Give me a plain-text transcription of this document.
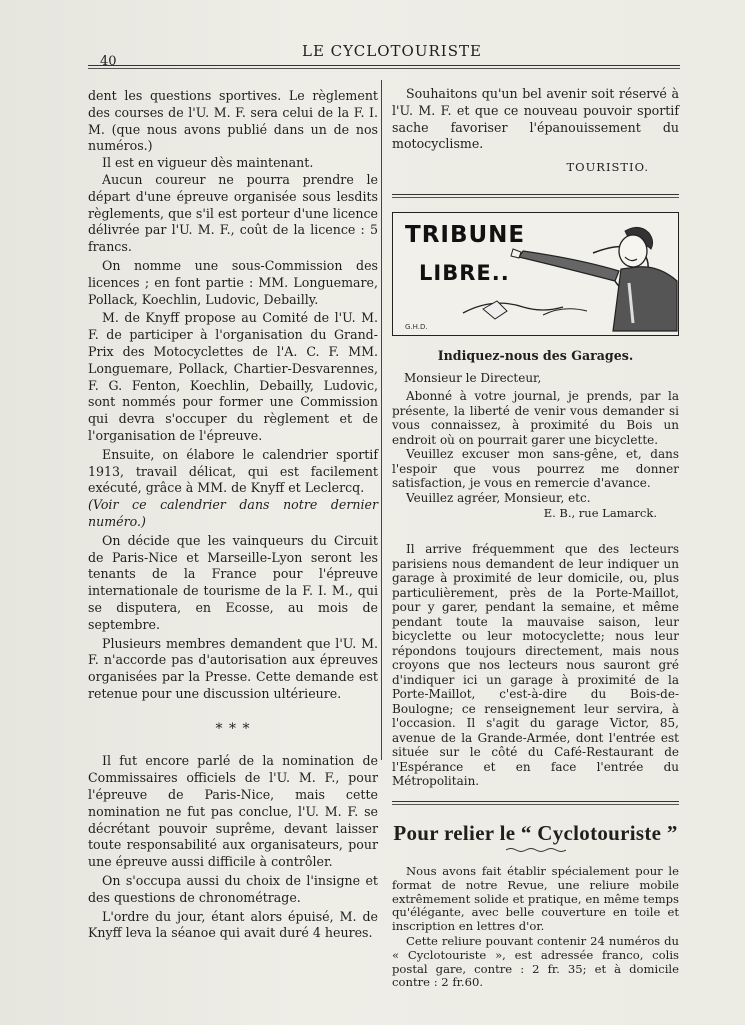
40
LE CYCLOTOURISTE

dent les questions sportives. Le règlement des courses de l'U. M. F. sera celui de la F. I. M. (que nous avons publié dans un de nos numéros.)

Il est en vigueur dès maintenant.

Aucun coureur ne pourra prendre le départ d'une épreuve organisée sous lesdits règlements, que s'il est porteur d'une licence délivrée par l'U. M. F., coût de la licence : 5 francs.

On nomme une sous-Commission des licences ; en font partie : MM. Longuemare, Pollack, Koechlin, Ludovic, Debailly.

M. de Knyff propose au Comité de l'U. M. F. de participer à l'organisation du Grand-Prix des Motocyclettes de l'A. C. F. MM. Longuemare, Pollack, Chartier-Desvarennes, F. G. Fenton, Koechlin, Debailly, Ludovic, sont nommés pour former une Commission qui devra s'occuper du règlement et de l'organisation de l'épreuve.

Ensuite, on élabore le calendrier sportif 1913, travail délicat, qui est facilement exécuté, grâce à MM. de Knyff et Leclercq.

(Voir ce calendrier dans notre dernier numéro.)

On décide que les vainqueurs du Circuit de Paris-Nice et Marseille-Lyon seront les tenants de la France pour l'épreuve internationale de tourisme de la F. I. M., qui se disputera, en Ecosse, au mois de septembre.

Plusieurs membres demandent que l'U. M. F. n'accorde pas d'autorisation aux épreuves organisées par la Presse. Cette demande est retenue pour une discussion ultérieure.

* * *

Il fut encore parlé de la nomination de Commissaires officiels de l'U. M. F., pour l'épreuve de Paris-Nice, mais cette nomination ne fut pas conclue, l'U. M. F. se décrétant pouvoir suprême, devant laisser toute responsabilité aux organisateurs, pour une épreuve aussi difficile à contrôler.

On s'occupa aussi du choix de l'insigne et des questions de chronométrage.

L'ordre du jour, étant alors épuisé, M. de Knyff leva la séanoe qui avait duré 4 heures.

Souhaitons qu'un bel avenir soit réservé à l'U. M. F. et que ce nouveau pouvoir sportif sache favoriser l'épanouissement du motocyclisme.

TOURISTIO.
G.H.D.
TRIBUNE
LIBRE..
Indiquez-nous des Garages.

Monsieur le Directeur,

Abonné à votre journal, je prends, par la présente, la liberté de venir vous demander si vous connaissez, à proximité du Bois un endroit où on pourrait garer une bicyclette.

Veuillez excuser mon sans-gêne, et, dans l'espoir que vous pourrez me donner satisfaction, je vous en remercie d'avance.

Veuillez agréer, Monsieur, etc.

E. B., rue Lamarck.

Il arrive fréquemment que des lecteurs parisiens nous demandent de leur indiquer un garage à proximité de leur domicile, ou, plus particulièrement, près de la Porte-Maillot, pour y garer, pendant la semaine, et même pendant toute la mauvaise saison, leur bicyclette ou leur motocyclette; nous leur répondons toujours directement, mais nous croyons que nos lecteurs nous sauront gré d'indiquer ici un garage à proximité de la Porte-Maillot, c'est-à-dire du Bois-de-Boulogne; ce renseignement leur servira, à l'occasion. Il s'agit du garage Victor, 85, avenue de la Grande-Armée, dont l'entrée est située sur le côté du Café-Restaurant de l'Espérance et en face l'entrée du Métropolitain.

Pour relier le “ Cyclotouriste ”

Nous avons fait établir spécialement pour le format de notre Revue, une reliure mobile extrêmement solide et pratique, en même temps qu'élégante, avec belle couverture en toile et inscription en lettres d'or.

Cette reliure pouvant contenir 24 numéros du « Cyclotouriste », est adressée franco, colis postal gare, contre : 2 fr. 35; et à domicile contre : 2 fr.60.
